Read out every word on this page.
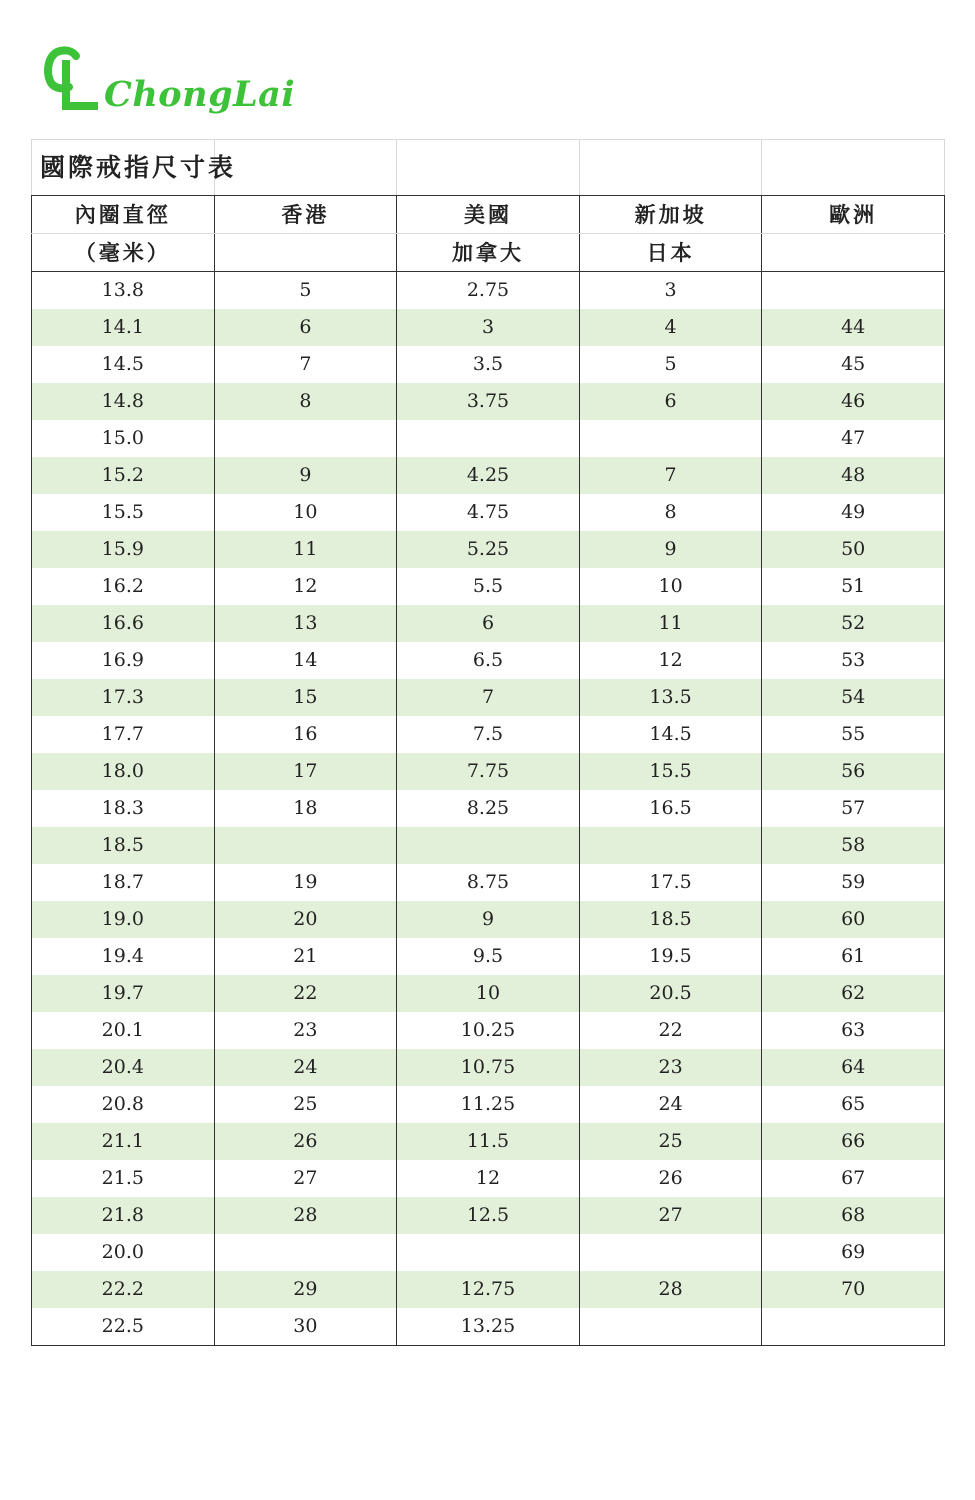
ChongLai
國際戒指尺寸表				
內圈直徑	香港	美國	新加坡	歐洲
（毫米）		加拿大	日本	
13.8	5	2.75	3	
14.1	6	3	4	44
14.5	7	3.5	5	45
14.8	8	3.75	6	46
15.0				47
15.2	9	4.25	7	48
15.5	10	4.75	8	49
15.9	11	5.25	9	50
16.2	12	5.5	10	51
16.6	13	6	11	52
16.9	14	6.5	12	53
17.3	15	7	13.5	54
17.7	16	7.5	14.5	55
18.0	17	7.75	15.5	56
18.3	18	8.25	16.5	57
18.5				58
18.7	19	8.75	17.5	59
19.0	20	9	18.5	60
19.4	21	9.5	19.5	61
19.7	22	10	20.5	62
20.1	23	10.25	22	63
20.4	24	10.75	23	64
20.8	25	11.25	24	65
21.1	26	11.5	25	66
21.5	27	12	26	67
21.8	28	12.5	27	68
20.0				69
22.2	29	12.75	28	70
22.5	30	13.25		
